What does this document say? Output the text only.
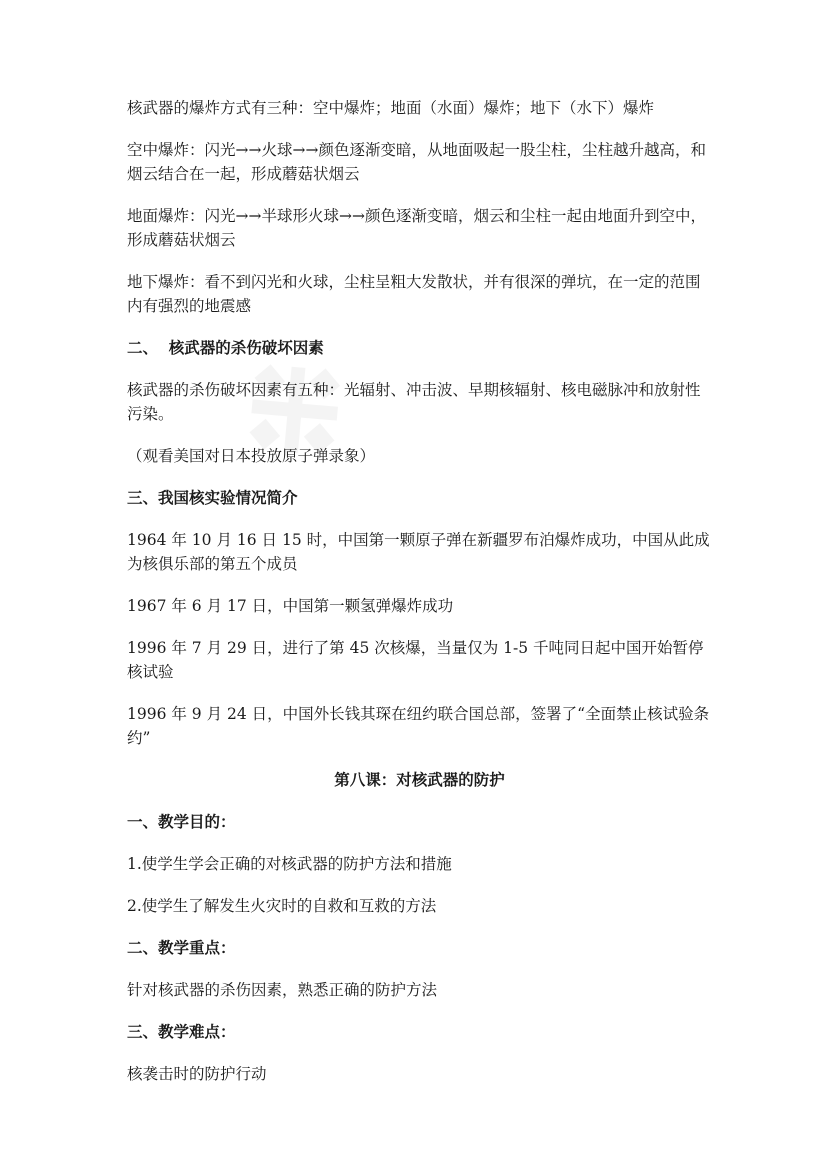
核武器的爆炸方式有三种：空中爆炸；地面（水面）爆炸；地下（水下）爆炸

空中爆炸：闪光→→火球→→颜色逐渐变暗，从地面吸起一股尘柱，尘柱越升越高，和烟云结合在一起，形成蘑菇状烟云

地面爆炸：闪光→→半球形火球→→颜色逐渐变暗，烟云和尘柱一起由地面升到空中，形成蘑菇状烟云

地下爆炸：看不到闪光和火球，尘柱呈粗大发散状，并有很深的弹坑，在一定的范围内有强烈的地震感

二、  核武器的杀伤破坏因素

核武器的杀伤破坏因素有五种：光辐射、冲击波、早期核辐射、核电磁脉冲和放射性污染。

（观看美国对日本投放原子弹录象）

三、我国核实验情况简介

1964 年 10 月 16 日 15 时，中国第一颗原子弹在新疆罗布泊爆炸成功，中国从此成为核俱乐部的第五个成员

1967 年 6 月 17 日，中国第一颗氢弹爆炸成功

1996 年 7 月 29 日，进行了第 45 次核爆，当量仅为 1-5 千吨同日起中国开始暂停核试验

1996 年 9 月 24 日，中国外长钱其琛在纽约联合国总部，签署了“全面禁止核试验条约”

第八课：对核武器的防护

一、教学目的：

1.使学生学会正确的对核武器的防护方法和措施

2.使学生了解发生火灾时的自救和互救的方法

二、教学重点：

针对核武器的杀伤因素，熟悉正确的防护方法

三、教学难点：

核袭击时的防护行动
